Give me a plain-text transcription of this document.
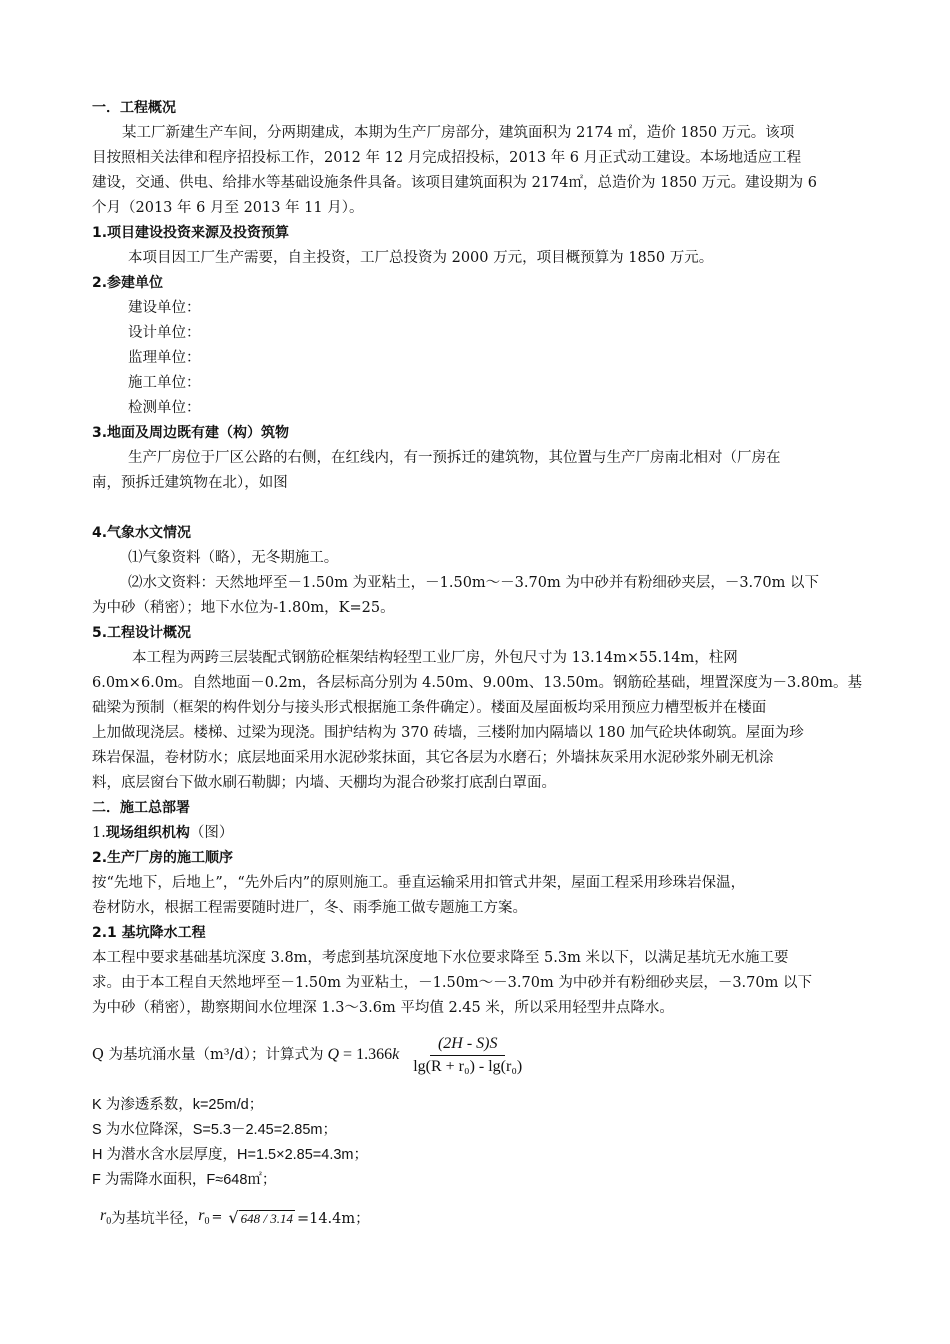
一．工程概况
某工厂新建生产车间，分两期建成，本期为生产厂房部分，建筑面积为 2174 ㎡，造价 1850 万元。该项
目按照相关法律和程序招投标工作，2012 年 12 月完成招投标，2013 年 6 月正式动工建设。本场地适应工程
建设，交通、供电、给排水等基础设施条件具备。该项目建筑面积为 2174㎡，总造价为 1850 万元。建设期为 6
个月（2013 年 6 月至 2013 年 11 月）。
1.项目建设投资来源及投资预算
本项目因工厂生产需要，自主投资，工厂总投资为 2000 万元，项目概预算为 1850 万元。
2.参建单位
建设单位：
设计单位：
监理单位：
施工单位：
检测单位：
3.地面及周边既有建（构）筑物
生产厂房位于厂区公路的右侧，在红线内，有一预拆迁的建筑物，其位置与生产厂房南北相对（厂房在
南，预拆迁建筑物在北），如图
4.气象水文情况
⑴气象资料（略），无冬期施工。
⑵水文资料：天然地坪至－1.50m 为亚粘土，－1.50m～－3.70m 为中砂并有粉细砂夹层，－3.70m 以下
为中砂（稍密）；地下水位为-1.80m，K=25。
5.工程设计概况
本工程为两跨三层装配式钢筋砼框架结构轻型工业厂房，外包尺寸为 13.14m×55.14m，柱网
6.0m×6.0m。自然地面－0.2m，各层标高分别为 4.50m、9.00m、13.50m。钢筋砼基础，埋置深度为－3.80m。基
础梁为预制（框架的构件划分与接头形式根据施工条件确定）。楼面及屋面板均采用预应力槽型板并在楼面
上加做现浇层。楼梯、过梁为现浇。围护结构为 370 砖墙，三楼附加内隔墙以 180 加气砼块体砌筑。屋面为珍
珠岩保温，卷材防水；底层地面采用水泥砂浆抹面，其它各层为水磨石；外墙抹灰采用水泥砂浆外刷无机涂
料，底层窗台下做水刷石勒脚；内墙、天棚均为混合砂浆打底刮白罩面。
二．施工总部署
1.现场组织机构（图）
2.生产厂房的施工顺序
按“先地下，后地上”，“先外后内”的原则施工。垂直运输采用扣管式井架，屋面工程采用珍珠岩保温，
卷材防水，根据工程需要随时进厂，冬、雨季施工做专题施工方案。
2.1 基坑降水工程
本工程中要求基础基坑深度 3.8m，考虑到基坑深度地下水位要求降至 5.3m 米以下，以满足基坑无水施工要
求。由于本工程自天然地坪至－1.50m 为亚粘土，－1.50m～－3.70m 为中砂并有粉细砂夹层，－3.70m 以下
为中砂（稍密），勘察期间水位埋深 1.3～3.6m 平均值 2.45 米，所以采用轻型井点降水。
Q 为基坑涌水量（m³/d）；计算式为 Q = 1.366 k $\frac{(2H - S)S}{\text{lg(R + r₀) - lg(r₀)}}$
K 为渗透系数，k=25m/d；
S 为水位降深，S=5.3－2.45=2.85m；
H 为潜水含水层厚度，H=1.5×2.85=4.3m；
F 为需降水面积，F≈648㎡；
$r_0$ 为基坑半径， $r_0$ = √ 648 / 3.14 =14.4m；
